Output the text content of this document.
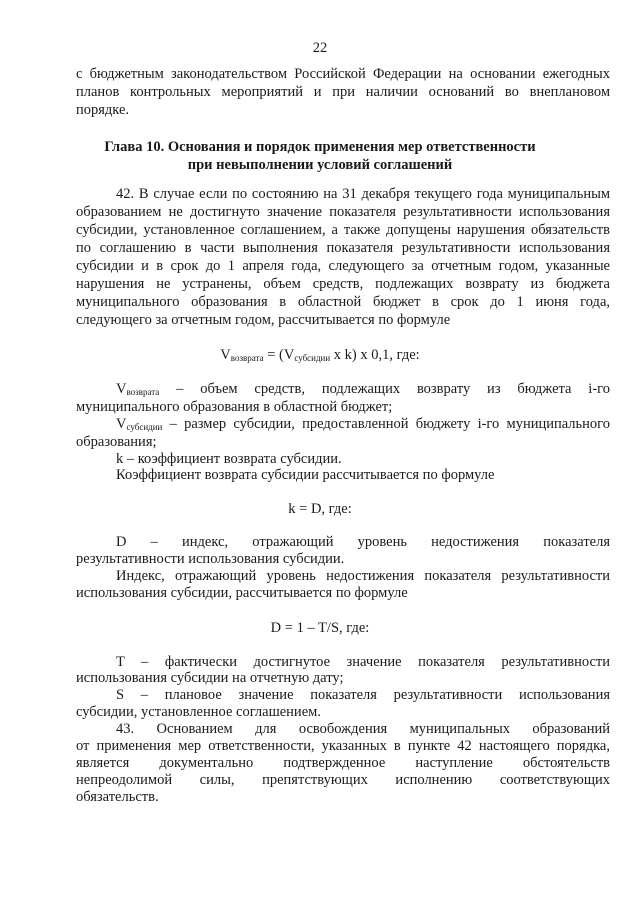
22
с бюджетным законодательством Российской Федерации на основании ежегодных
планов контрольных мероприятий и при наличии оснований во внеплановом
порядке.
Глава 10. Основания и порядок применения мер ответственности
при невыполнении условий соглашений
42. В случае если по состоянию на 31 декабря текущего года муниципальным
образованием не достигнуто значение показателя результативности использования
субсидии, установленное соглашением, а также допущены нарушения обязательств
по соглашению в части выполнения показателя результативности использования
субсидии и в срок до 1 апреля года, следующего за отчетным годом, указанные
нарушения не устранены, объем средств, подлежащих возврату из бюджета
муниципального образования в областной бюджет в срок до 1 июня года,
следующего за отчетным годом, рассчитывается по формуле
$V_{возврата} = (V_{субсидии}$ x k) x 0,1, где:
$V_{возврата}$ – объем средств, подлежащих возврату из бюджета i-го
муниципального образования в областной бюджет;
$V_{субсидии}$ – размер субсидии, предоставленной бюджету i-го муниципального
образования;
k – коэффициент возврата субсидии.
Коэффициент возврата субсидии рассчитывается по формуле
k = D, где:
D – индекс, отражающий уровень недостижения показателя
результативности использования субсидии.
Индекс, отражающий уровень недостижения показателя результативности
использования субсидии, рассчитывается по формуле
D = 1 – T/S, где:
T – фактически достигнутое значение показателя результативности
использования субсидии на отчетную дату;
S – плановое значение показателя результативности использования
субсидии, установленное соглашением.
43. Основанием для освобождения муниципальных образований
от применения мер ответственности, указанных в пункте 42 настоящего порядка,
является документально подтвержденное наступление обстоятельств
непреодолимой силы, препятствующих исполнению соответствующих
обязательств.
